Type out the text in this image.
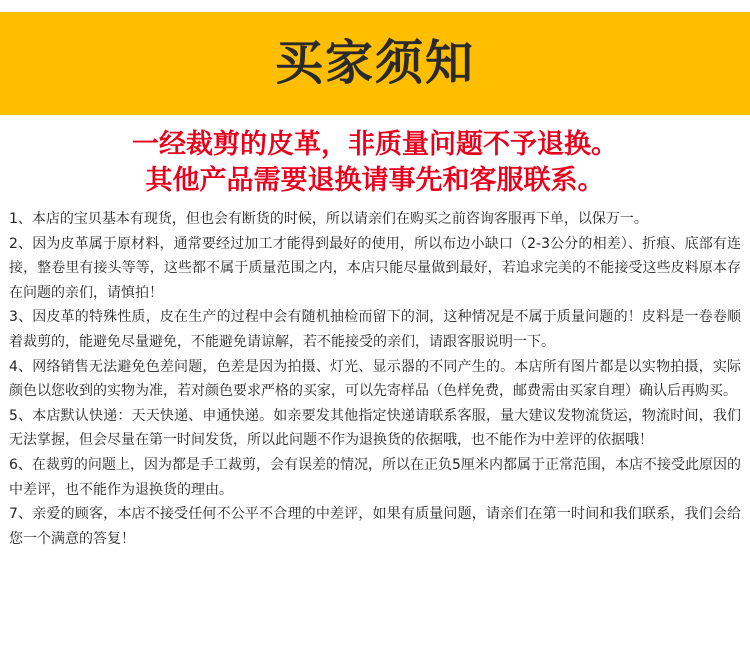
买家须知
一经裁剪的皮革，非质量问题不予退换。
其他产品需要退换请事先和客服联系。

1、本店的宝贝基本有现货，但也会有断货的时候，所以请亲们在购买之前咨询客服再下单，以保万一。

2、因为皮革属于原材料，通常要经过加工才能得到最好的使用，所以布边小缺口（2-3公分的相差）、折痕、底部有连接，整卷里有接头等等，这些都不属于质量范围之内，本店只能尽量做到最好，若追求完美的不能接受这些皮料原本存在问题的亲们，请慎拍！

3、因皮革的特殊性质，皮在生产的过程中会有随机抽检而留下的洞，这种情况是不属于质量问题的！皮料是一卷卷顺着裁剪的，能避免尽量避免，不能避免请谅解，若不能接受的亲们，请跟客服说明一下。

4、网络销售无法避免色差问题，色差是因为拍摄、灯光、显示器的不同产生的。本店所有图片都是以实物拍摄，实际颜色以您收到的实物为准，若对颜色要求严格的买家，可以先寄样品（色样免费，邮费需由买家自理）确认后再购买。

5、本店默认快递：天天快递、申通快递。如亲要发其他指定快递请联系客服，量大建议发物流货运，物流时间，我们无法掌握，但会尽量在第一时间发货，所以此问题不作为退换货的依据哦，也不能作为中差评的依据哦！

6、在裁剪的问题上，因为都是手工裁剪，会有误差的情况，所以在正负5厘米内都属于正常范围，本店不接受此原因的中差评，也不能作为退换货的理由。

7、亲爱的顾客，本店不接受任何不公平不合理的中差评，如果有质量问题，请亲们在第一时间和我们联系，我们会给您一个满意的答复！
